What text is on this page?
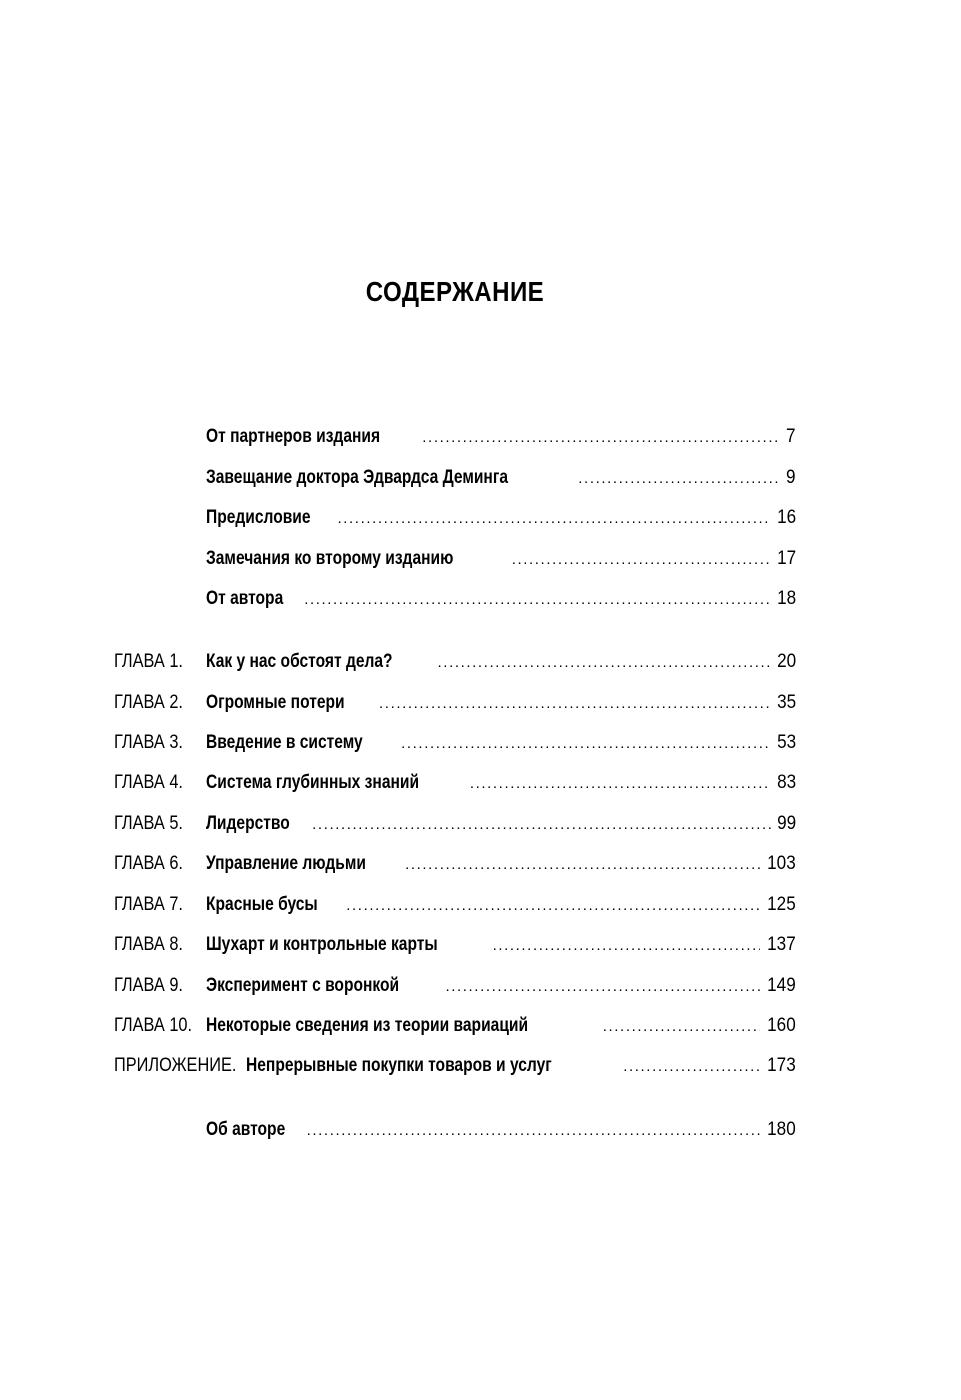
СОДЕРЖАНИЕ
От партнеров издания .....	7
Завещание доктора Эдвардса Деминга .....	9
Предисловие .....	16
Замечания ко второму изданию .....	17
От автора .....	18
ГЛАВА 1.	Как у нас обстоят дела? .....	20
ГЛАВА 2.	Огромные потери .....	35
ГЛАВА 3.	Введение в систему .....	53
ГЛАВА 4.	Система глубинных знаний .....	83
ГЛАВА 5.	Лидерство .....	99
ГЛАВА 6.	Управление людьми .....	103
ГЛАВА 7.	Красные бусы .....	125
ГЛАВА 8.	Шухарт и контрольные карты .....	137
ГЛАВА 9.	Эксперимент с воронкой .....	149
ГЛАВА 10. Некоторые сведения из теории вариаций .....	160
ПРИЛОЖЕНИЕ. Непрерывные покупки товаров и услуг .....	173
Об авторе .....	180
